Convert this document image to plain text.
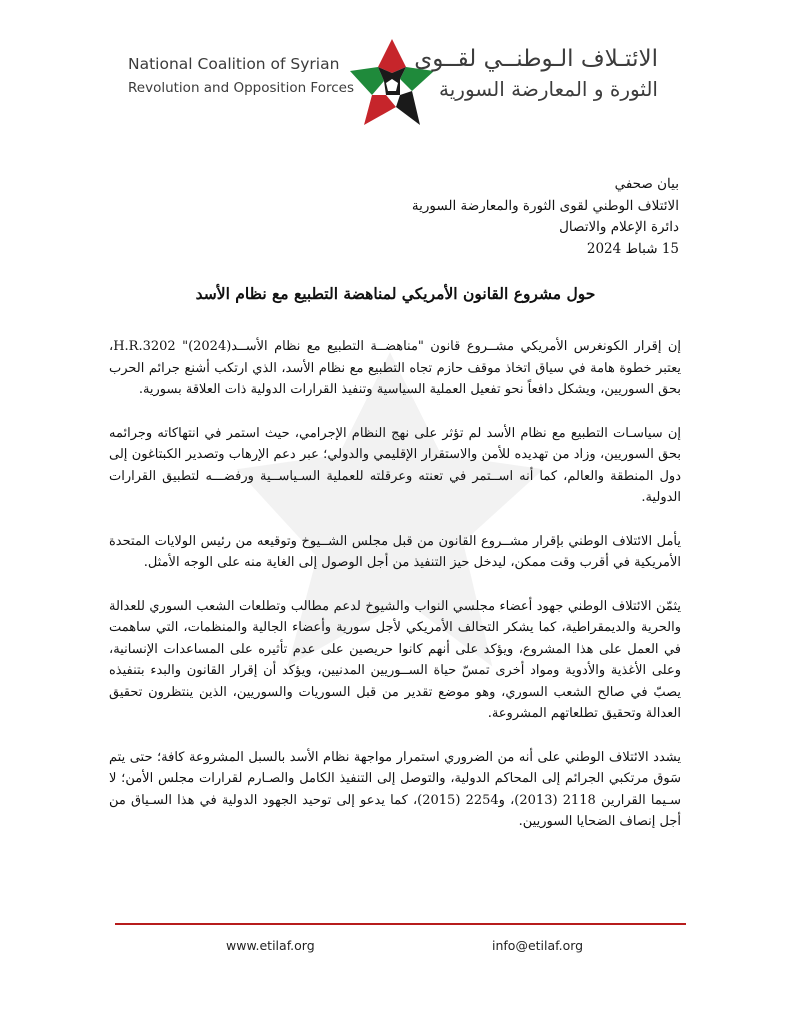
National Coalition of Syrian
Revolution and Opposition Forces
الائتـلاف الـوطنــي لقــوى
الثورة و المعارضة السورية
بيان صحفي
الائتلاف الوطني لقوى الثورة والمعارضة السورية
دائرة الإعلام والاتصال
15 شباط 2024
حول مشروع القانون الأمريكي لمناهضة التطبيع مع نظام الأسد

إن إقرار الكونغرس الأمريكي مشــروع قانون "مناهضــة التطبيع مع نظام الأســد(2024)" H.R.3202، يعتبر خطوة هامة في سياق اتخاذ موقف حازم تجاه التطبيع مع نظام الأسد، الذي ارتكب أشنع جرائم الحرب بحق السوريين، ويشكل دافعاً نحو تفعيل العملية السياسية وتنفيذ القرارات الدولية ذات العلاقة بسورية.

إن سياسـات التطبيع مع نظام الأسد لم تؤثر على نهج النظام الإجرامي، حيث استمر في انتهاكاته وجرائمه بحق السوريين، وزاد من تهديده للأمن والاستقرار الإقليمي والدولي؛ عبر دعم الإرهاب وتصدير الكبتاغون إلى دول المنطقة والعالم، كما أنه اســتمر في تعنته وعرقلته للعملية السـياســية ورفضـــه لتطبيق القرارات الدولية.

يأمل الائتلاف الوطني بإقرار مشــروع القانون من قبل مجلس الشــيوخ وتوقيعه من رئيس الولايات المتحدة الأمريكية في أقرب وقت ممكن، ليدخل حيز التنفيذ من أجل الوصول إلى الغاية منه على الوجه الأمثل.

يثمّن الائتلاف الوطني جهود أعضاء مجلسي النواب والشيوخ لدعم مطالب وتطلعات الشعب السوري للعدالة والحرية والديمقراطية، كما يشكر التحالف الأمريكي لأجل سورية وأعضاء الجالية والمنظمات، التي ساهمت في العمل على هذا المشروع، ويؤكد على أنهم كانوا حريصين على عدم تأثيره على المساعدات الإنسانية، وعلى الأغذية والأدوية ومواد أخرى تمسّ حياة الســوريين المدنيين، ويؤكد أن إقرار القانون والبدء بتنفيذه يصبّ في صالح الشعب السوري، وهو موضع تقدير من قبل السوريات والسوريين، الذين ينتظرون تحقيق العدالة وتحقيق تطلعاتهم المشروعة.

يشدد الائتلاف الوطني على أنه من الضروري استمرار مواجهة نظام الأسد بالسبل المشروعة كافة؛ حتى يتم سَوق مرتكبي الجرائم إلى المحاكم الدولية، والتوصل إلى التنفيذ الكامل والصـارم لقرارات مجلس الأمن؛ لا سـيما القرارين 2118 (2013)، و2254 (2015)، كما يدعو إلى توحيد الجهود الدولية في هذا السـياق من أجل إنصاف الضحايا السوريين.

www.etilaf.org	info@etilaf.org
